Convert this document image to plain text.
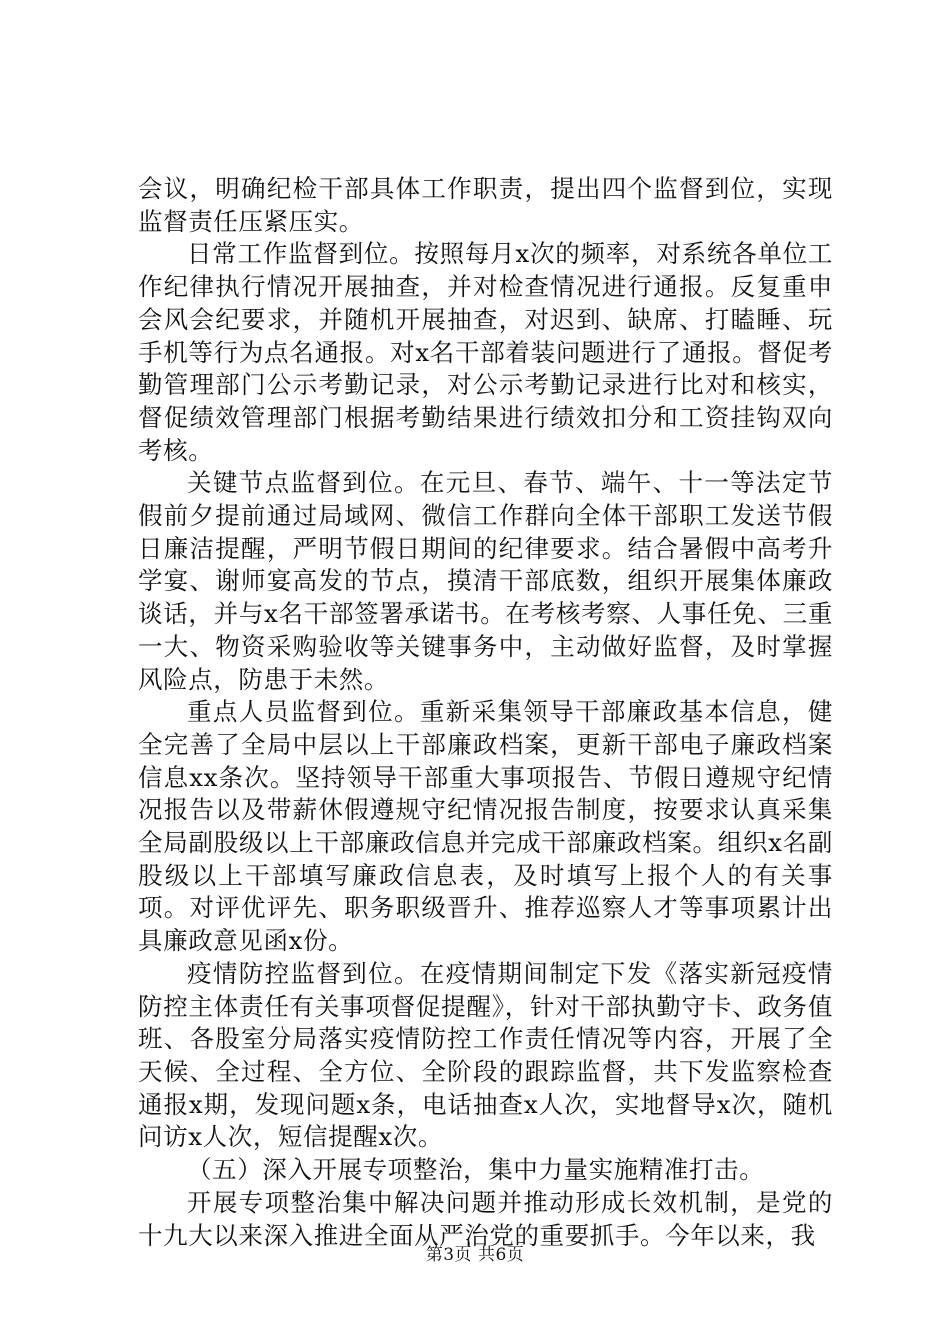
会议，明确纪检干部具体工作职责，提出四个监督到位，实现监督责任压紧压实。

日常工作监督到位。按照每月x次的频率，对系统各单位工作纪律执行情况开展抽查，并对检查情况进行通报。反复重申会风会纪要求，并随机开展抽查，对迟到、缺席、打瞌睡、玩手机等行为点名通报。对x名干部着装问题进行了通报。督促考勤管理部门公示考勤记录，对公示考勤记录进行比对和核实，督促绩效管理部门根据考勤结果进行绩效扣分和工资挂钩双向考核。

关键节点监督到位。在元旦、春节、端午、十一等法定节假前夕提前通过局域网、微信工作群向全体干部职工发送节假日廉洁提醒，严明节假日期间的纪律要求。结合暑假中高考升学宴、谢师宴高发的节点，摸清干部底数，组织开展集体廉政谈话，并与x名干部签署承诺书。在考核考察、人事任免、三重一大、物资采购验收等关键事务中，主动做好监督，及时掌握风险点，防患于未然。

重点人员监督到位。重新采集领导干部廉政基本信息，健全完善了全局中层以上干部廉政档案，更新干部电子廉政档案信息xx条次。坚持领导干部重大事项报告、节假日遵规守纪情况报告以及带薪休假遵规守纪情况报告制度，按要求认真采集全局副股级以上干部廉政信息并完成干部廉政档案。组织x名副股级以上干部填写廉政信息表，及时填写上报个人的有关事项。对评优评先、职务职级晋升、推荐巡察人才等事项累计出具廉政意见函x份。

疫情防控监督到位。在疫情期间制定下发《落实新冠疫情防控主体责任有关事项督促提醒》，针对干部执勤守卡、政务值班、各股室分局落实疫情防控工作责任情况等内容，开展了全天候、全过程、全方位、全阶段的跟踪监督，共下发监察检查通报x期，发现问题x条，电话抽查x人次，实地督导x次，随机问访x人次，短信提醒x次。

（五）深入开展专项整治，集中力量实施精准打击。

开展专项整治集中解决问题并推动形成长效机制，是党的十九大以来深入推进全面从严治党的重要抓手。今年以来，我

第3页 共6页
